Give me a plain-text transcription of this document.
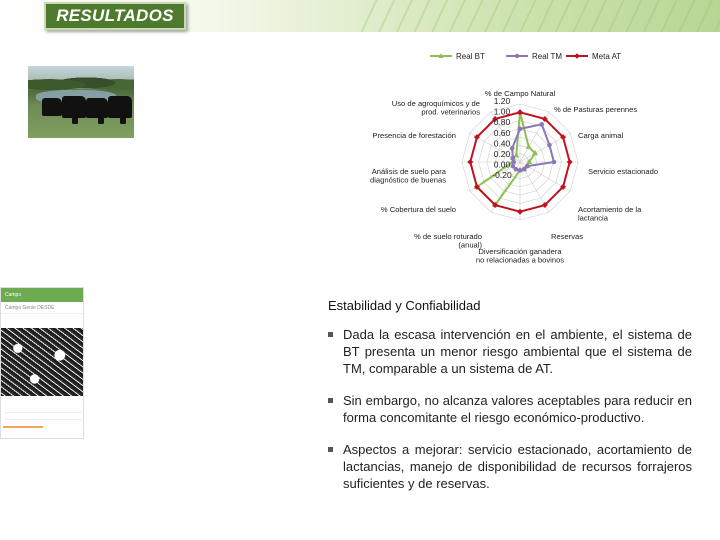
RESULTADOS
Campo
Campo Genie DESDE
Real BT	Real TM	Meta AT
1.20
1.00
0.80
0.60
0.40
0.20
0.00
-0.20
% de Campo Natural
% de Pasturas perennes
Carga animal
Servicio estacionado
Acortamiento de la lactancia
Reservas
Diversificación ganadera no relacionadas a bovinos
% de suelo roturado (anual)
% Cobertura del suelo
Análisis de suelo para diagnóstico de buenas
Presencia de forestación
Uso de agroquímicos y de prod. veterinarios
Estabilidad y Confiabilidad
Dada la escasa intervención en el ambiente, el sistema de BT presenta un menor riesgo ambiental que el sistema de TM, comparable a un sistema de AT.
Sin embargo, no alcanza valores aceptables para reducir en forma concomitante el riesgo económico-productivo.
Aspectos a mejorar: servicio estacionado, acortamiento de lactancias, manejo de disponibilidad de recursos forrajeros suficientes y de reservas.
